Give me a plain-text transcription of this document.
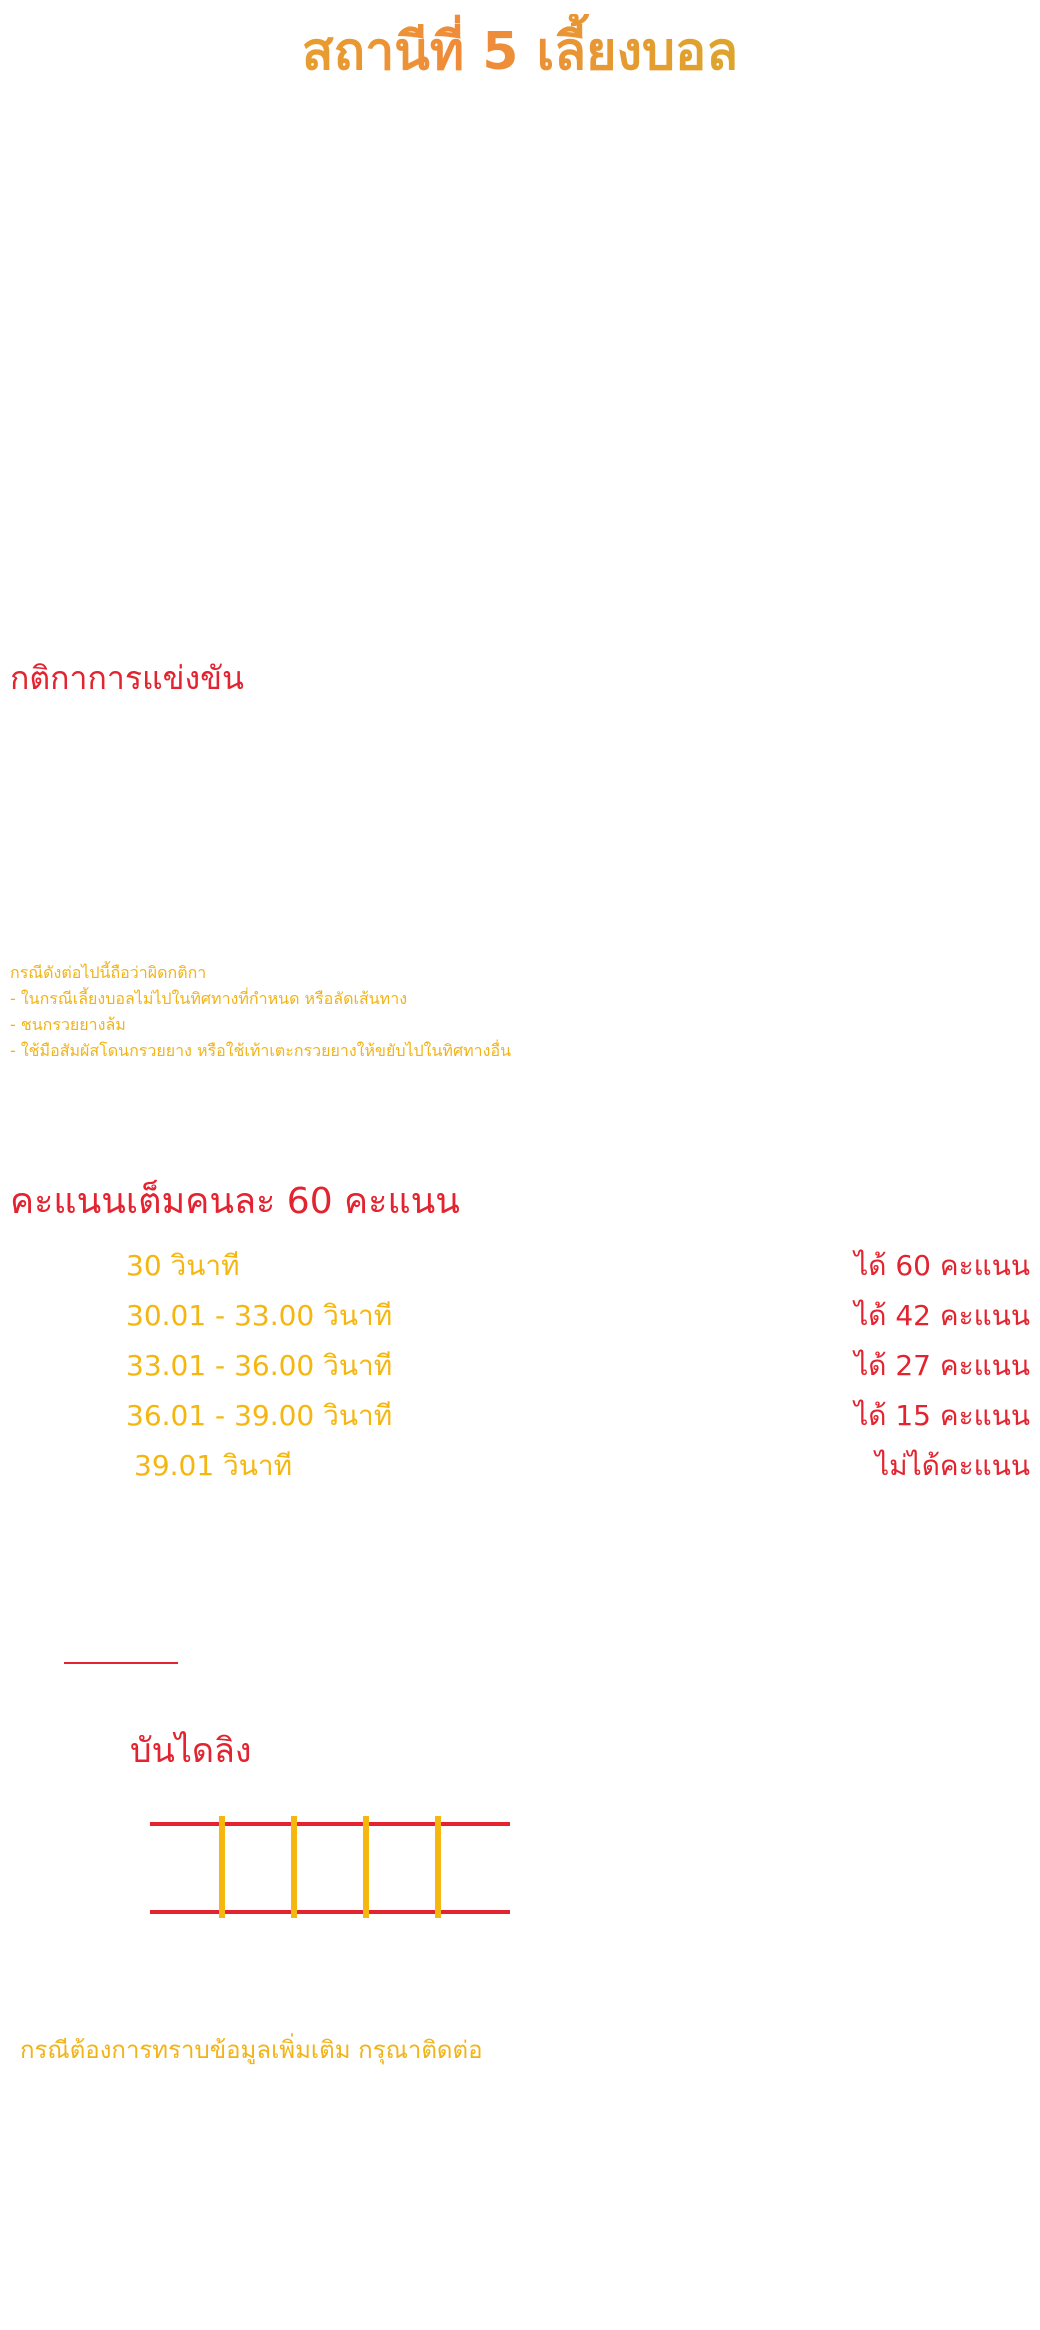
สถานีที่ 5 เลี้ยงบอล
กติกาการแข่งขัน
กรณีดังต่อไปนี้ถือว่าผิดกติกา
- ในกรณีเลี้ยงบอลไม่ไปในทิศทางที่กำหนด หรือลัดเส้นทาง
- ชนกรวยยางล้ม
- ใช้มือสัมผัสโดนกรวยยาง หรือใช้เท้าเตะกรวยยางให้ขยับไปในทิศทางอื่น
คะแนนเต็มคนละ 60 คะแนน
30 วินาที	ได้ 60 คะแนน
30.01 - 33.00 วินาที	ได้ 42 คะแนน
33.01 - 36.00 วินาที	ได้ 27 คะแนน
36.01 - 39.00 วินาที	ได้ 15 คะแนน
39.01 วินาที	ไม่ได้คะแนน
บันไดลิง
กรณีต้องการทราบข้อมูลเพิ่มเติม กรุณาติดต่อ
